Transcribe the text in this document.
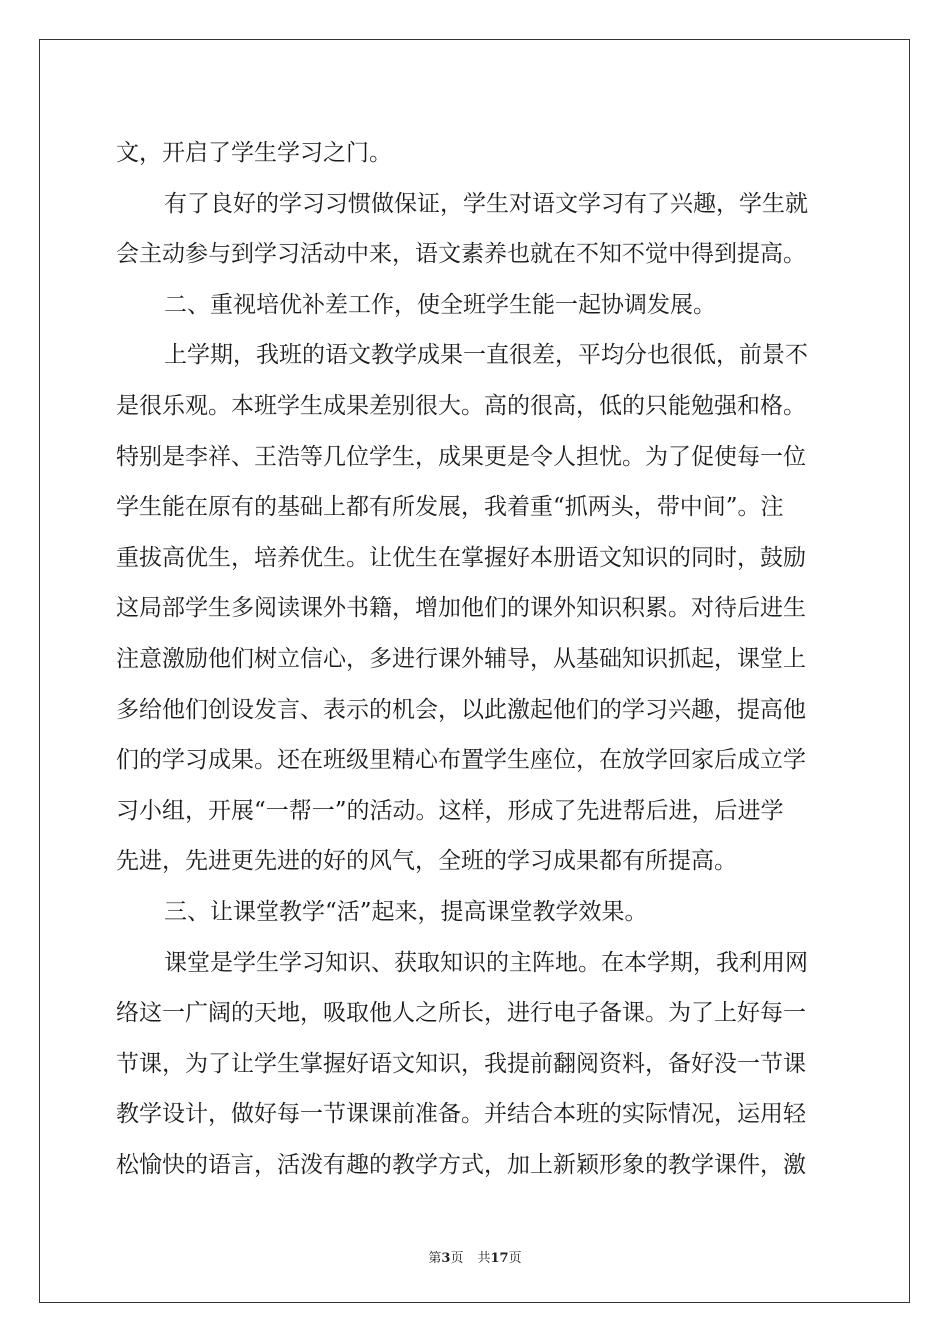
文，开启了学生学习之门。
有了良好的学习习惯做保证，学生对语文学习有了兴趣，学生就
会主动参与到学习活动中来，语文素养也就在不知不觉中得到提高。
二、重视培优补差工作，使全班学生能一起协调发展。
上学期，我班的语文教学成果一直很差，平均分也很低，前景不
是很乐观。本班学生成果差别很大。高的很高，低的只能勉强和格。
特别是李祥、王浩等几位学生，成果更是令人担忧。为了促使每一位
学生能在原有的基础上都有所发展，我着重“抓两头，带中间”。注
重拔高优生，培养优生。让优生在掌握好本册语文知识的同时，鼓励
这局部学生多阅读课外书籍，增加他们的课外知识积累。对待后进生
注意激励他们树立信心，多进行课外辅导，从基础知识抓起，课堂上
多给他们创设发言、表示的机会，以此激起他们的学习兴趣，提高他
们的学习成果。还在班级里精心布置学生座位，在放学回家后成立学
习小组，开展“一帮一”的活动。这样，形成了先进帮后进，后进学
先进，先进更先进的好的风气，全班的学习成果都有所提高。
三、让课堂教学“活”起来，提高课堂教学效果。
课堂是学生学习知识、获取知识的主阵地。在本学期，我利用网
络这一广阔的天地，吸取他人之所长，进行电子备课。为了上好每一
节课，为了让学生掌握好语文知识，我提前翻阅资料，备好没一节课
教学设计，做好每一节课课前准备。并结合本班的实际情况，运用轻
松愉快的语言，活泼有趣的教学方式，加上新颖形象的教学课件，激
第3页 共17页
